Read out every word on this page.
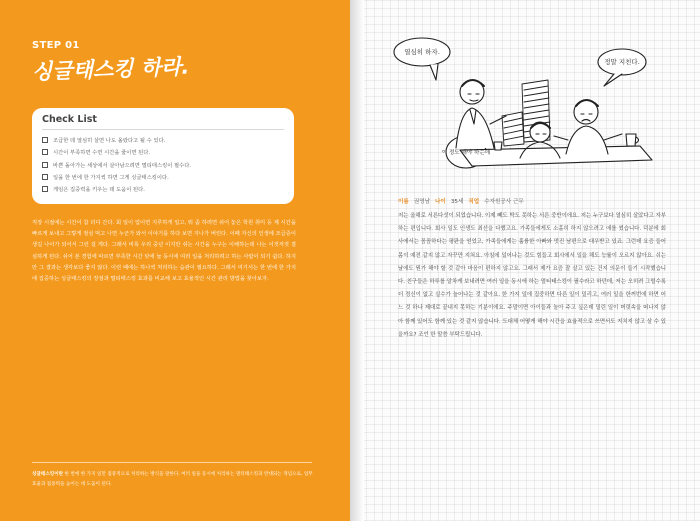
STEP 01
싱글태스킹 하라.
Check List
조급한 데 열심히 살면 나도 올랐다고 될 수 있다.
시간이 부족하면 수면 시간을 줄이면 된다.
바쁜 돌아가는 세상에서 살아남으려면 멀티태스킹이 필수다.
일을 한 번에 한 가지씩 하면 그게 싱글태스킹이다.
게임은 집중력을 키우는 데 도움이 된다.

직장 시절에는 시간이 참 더디 간다. 회 일이 업이면 지루하게 일고, 뭐 좀 하려면 쉬어 놓은 학원 취미 등 제 시간을 빠르게 보내고 그렇게 점심 먹고 나면 누군가 와서 이야기를 하다 보면 지나가 버린다. 이때 자신의 인생에 조급증이 생길 나이가 되어서 그런 걸 게다. 그래서 비록 우리 중년 이지만 쉬는 시간을 누구는 이해하는데 나는 이것저것 결심하게 된다. 쉬어 본 경험에 따르면 부족한 시간 탓에 늘 동시에 여러 일을 처리하려고 하는 사람이 되기 쉽다. 하지만 그 결과는 생각보다 좋지 않다. 이런 때에는 하나씩 처리하는 습관이 필요하다. 그래서 여기서는 한 번에 한 가지에 집중하는 싱글태스킹의 장점과 멀티태스킹 효과를 비교해 보고 효율적인 시간 관리 방법을 찾아보자.

싱글태스킹이란 한 번에 한 가지 일만 집중적으로 처리하는 방식을 말한다. 여러 일을 동시에 처리하는 멀티태스킹과 반대되는 개념으로, 업무 효율과 집중력을 높이는 데 도움이 된다.

열심히 하자.
정말 지친다.
이 정도 해야 하는데
이름 권영남 나이 35세 직업 수자원공사 근무

저는 올해로 서른다섯이 되었습니다. 이제 빼도 박도 못하는 서른 중반이에요. 저는 누구보다 열심히 살았다고 자부하는 편입니다. 회사 일도 인생도 최선을 다했고요. 가족들에게도 소홀히 하지 않으려고 애를 썼습니다. 덕분에 회사에서는 꼼꼼하다는 평판을 얻었고, 가족들에게는 훌륭한 아빠와 멋진 남편으로 대우받고 있죠. 그런데 요즘 들어 몸이 예전 같지 않고 자꾸만 지쳐요. 아침에 일어나는 것도 힘들고 회사에서 일을 해도 능률이 오르지 않아요. 쉬는 날에도 뭔가 해야 할 것 같아 마음이 편하지 않고요. 그래서 제가 요즘 잘 살고 있는 건지 의문이 들기 시작했습니다. 친구들은 하루를 알차게 보내려면 여러 일을 동시에 하는 멀티태스킹이 필수라고 하던데, 저는 오히려 그럴수록 더 정신이 없고 실수가 늘어나는 것 같아요. 한 가지 일에 집중하면 다른 일이 밀리고, 여러 일을 한꺼번에 하면 어느 것 하나 제대로 끝내지 못하는 기분이에요. 주말이면 아이들과 놀아 주고 싶은데 밀린 일이 머릿속을 떠나지 않아 함께 있어도 함께 있는 것 같지 않습니다. 도대체 어떻게 해야 시간을 효율적으로 쓰면서도 지치지 않고 살 수 있을까요? 조언 한 말씀 부탁드립니다.
